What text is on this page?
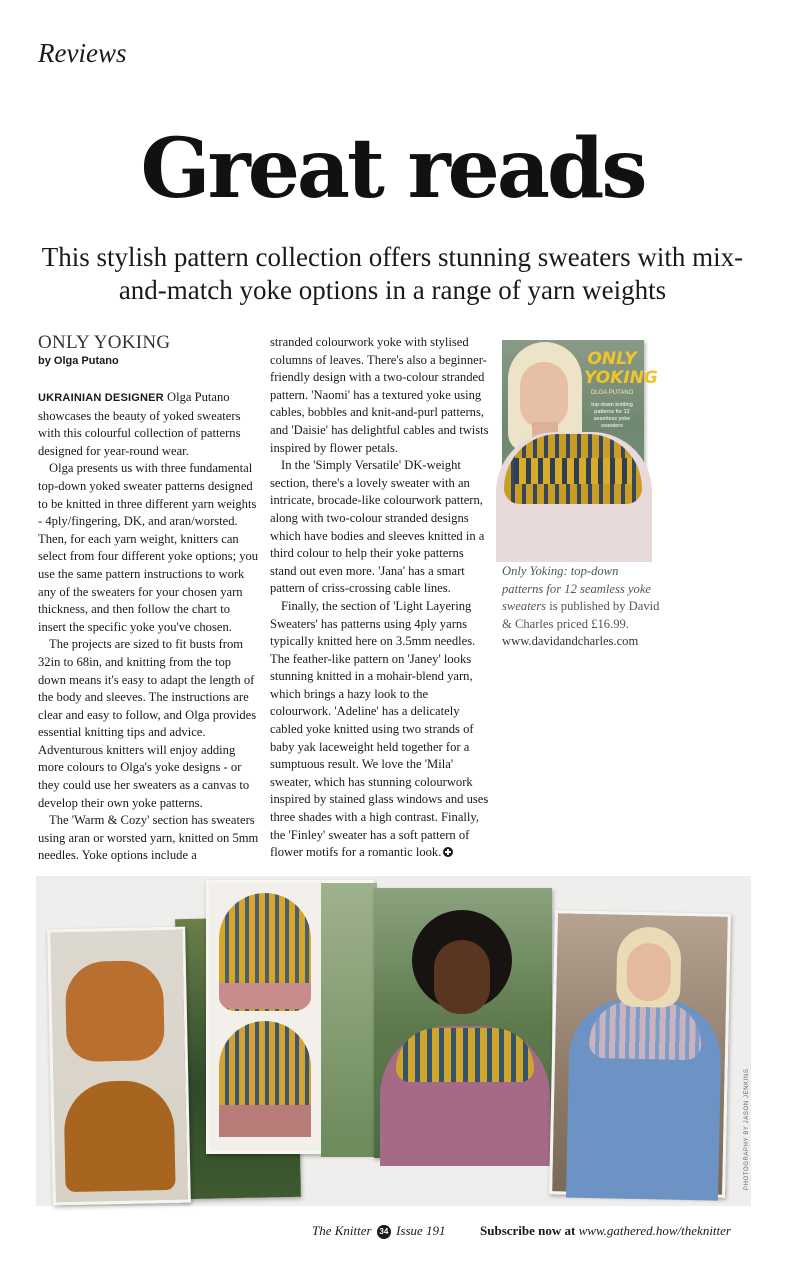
Reviews
Great reads
This stylish pattern collection offers stunning sweaters with mix-and-match yoke options in a range of yarn weights
ONLY YOKING
by Olga Putano

UKRAINIAN DESIGNER Olga Putano showcases the beauty of yoked sweaters with this colourful collection of patterns designed for year-round wear.

Olga presents us with three fundamental top-down yoked sweater patterns designed to be knitted in three different yarn weights - 4ply/fingering, DK, and aran/worsted. Then, for each yarn weight, knitters can select from four different yoke options; you use the same pattern instructions to work any of the sweaters for your chosen yarn thickness, and then follow the chart to insert the specific yoke you've chosen.

The projects are sized to fit busts from 32in to 68in, and knitting from the top down means it's easy to adapt the length of the body and sleeves. The instructions are clear and easy to follow, and Olga provides essential knitting tips and advice. Adventurous knitters will enjoy adding more colours to Olga's yoke designs - or they could use her sweaters as a canvas to develop their own yoke patterns.

The 'Warm & Cozy' section has sweaters using aran or worsted yarn, knitted on 5mm needles. Yoke options include a

stranded colourwork yoke with stylised columns of leaves. There's also a beginner-friendly design with a two-colour stranded pattern. 'Naomi' has a textured yoke using cables, bobbles and knit-and-purl patterns, and 'Daisie' has delightful cables and twists inspired by flower petals.

In the 'Simply Versatile' DK-weight section, there's a lovely sweater with an intricate, brocade-like colourwork pattern, along with two-colour stranded designs which have bodies and sleeves knitted in a third colour to help their yoke patterns stand out even more. 'Jana' has a smart pattern of criss-crossing cable lines.

Finally, the section of 'Light Layering Sweaters' has patterns using 4ply yarns typically knitted here on 3.5mm needles. The feather-like pattern on 'Janey' looks stunning knitted in a mohair-blend yarn, which brings a hazy look to the colourwork. 'Adeline' has a delicately cabled yoke knitted using two strands of baby yak laceweight held together for a sumptuous result. We love the 'Mila' sweater, which has stunning colourwork inspired by stained glass windows and uses three shades with a high contrast. Finally, the 'Finley' sweater has a soft pattern of flower motifs for a romantic look.

ONLY
YOKING
OLGA PUTANO
top-down knitting patterns for 12 seamless yoke sweaters
Only Yoking: top-down patterns for 12 seamless yoke sweaters is published by David & Charles priced £16.99.
www.davidandcharles.com
PHOTOGRAPHY BY JASON JENKINS
The Knitter 34 Issue 191	Subscribe now at www.gathered.how/theknitter
